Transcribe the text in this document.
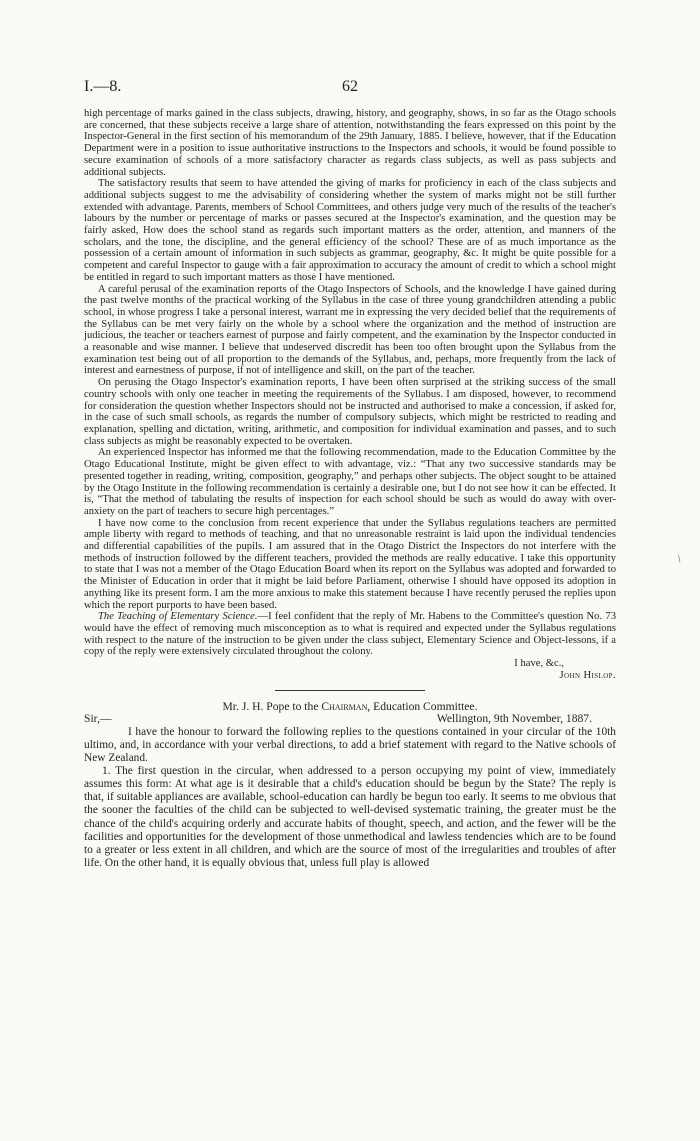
I.—8.	62

high percentage of marks gained in the class subjects, drawing, history, and geography, shows, in so far as the Otago schools are concerned, that these subjects receive a large share of attention, notwithstanding the fears expressed on this point by the Inspector-General in the first section of his memorandum of the 29th January, 1885. I believe, however, that if the Education Department were in a position to issue authoritative instructions to the Inspectors and schools, it would be found possible to secure examination of schools of a more satisfactory character as regards class subjects, as well as pass subjects and additional subjects.

The satisfactory results that seem to have attended the giving of marks for proficiency in each of the class subjects and additional subjects suggest to me the advisability of considering whether the system of marks might not be still further extended with advantage. Parents, members of School Committees, and others judge very much of the results of the teacher's labours by the number or percentage of marks or passes secured at the Inspector's examination, and the question may be fairly asked, How does the school stand as regards such important matters as the order, attention, and manners of the scholars, and the tone, the discipline, and the general efficiency of the school? These are of as much importance as the possession of a certain amount of information in such subjects as grammar, geography, &c. It might be quite possible for a competent and careful Inspector to gauge with a fair approximation to accuracy the amount of credit to which a school might be entitled in regard to such important matters as those I have mentioned.

A careful perusal of the examination reports of the Otago Inspectors of Schools, and the knowledge I have gained during the past twelve months of the practical working of the Syllabus in the case of three young grandchildren attending a public school, in whose progress I take a personal interest, warrant me in expressing the very decided belief that the requirements of the Syllabus can be met very fairly on the whole by a school where the organization and the method of instruction are judicious, the teacher or teachers earnest of purpose and fairly competent, and the examination by the Inspector conducted in a reasonable and wise manner. I believe that undeserved discredit has been too often brought upon the Syllabus from the examination test being out of all proportion to the demands of the Syllabus, and, perhaps, more frequently from the lack of interest and earnestness of purpose, if not of intelligence and skill, on the part of the teacher.

On perusing the Otago Inspector's examination reports, I have been often surprised at the striking success of the small country schools with only one teacher in meeting the requirements of the Syllabus. I am disposed, however, to recommend for consideration the question whether Inspectors should not be instructed and authorised to make a concession, if asked for, in the case of such small schools, as regards the number of compulsory subjects, which might be restricted to reading and explanation, spelling and dictation, writing, arithmetic, and composition for individual examination and passes, and to such class subjects as might be reasonably expected to be overtaken.

An experienced Inspector has informed me that the following recommendation, made to the Education Committee by the Otago Educational Institute, might be given effect to with advantage, viz.: “That any two successive standards may be presented together in reading, writing, composition, geography,” and perhaps other subjects. The object sought to be attained by the Otago Institute in the following recommendation is certainly a desirable one, but I do not see how it can be effected. It is, “That the method of tabulating the results of inspection for each school should be such as would do away with over-anxiety on the part of teachers to secure high percentages.”

I have now come to the conclusion from recent experience that under the Syllabus regulations teachers are permitted ample liberty with regard to methods of teaching, and that no unreasonable restraint is laid upon the individual tendencies and differential capabilities of the pupils. I am assured that in the Otago District the Inspectors do not interfere with the methods of instruction followed by the different teachers, provided the methods are really educative. I take this opportunity to state that I was not a member of the Otago Education Board when its report on the Syllabus was adopted and forwarded to the Minister of Education in order that it might be laid before Parliament, otherwise I should have opposed its adoption in anything like its present form. I am the more anxious to make this statement because I have recently perused the replies upon which the report purports to have been based.

The Teaching of Elementary Science.—I feel confident that the reply of Mr. Habens to the Committee's question No. 73 would have the effect of removing much misconception as to what is required and expected under the Syllabus regulations with respect to the nature of the instruction to be given under the class subject, Elementary Science and Object-lessons, if a copy of the reply were extensively circulated throughout the colony.

I have, &c.,

John Hislop.

Mr. J. H. Pope to the Chairman, Education Committee.

Sir,—	Wellington, 9th November, 1887.

I have the honour to forward the following replies to the questions contained in your circular of the 10th ultimo, and, in accordance with your verbal directions, to add a brief statement with regard to the Native schools of New Zealand.

1. The first question in the circular, when addressed to a person occupying my point of view, immediately assumes this form: At what age is it desirable that a child's education should be begun by the State? The reply is that, if suitable appliances are available, school-education can hardly be begun too early. It seems to me obvious that the sooner the faculties of the child can be subjected to well-devised systematic training, the greater must be the chance of the child's acquiring orderly and accurate habits of thought, speech, and action, and the fewer will be the facilities and opportunities for the development of those unmethodical and lawless tendencies which are to be found to a greater or less extent in all children, and which are the source of most of the irregularities and troubles of after life. On the other hand, it is equally obvious that, unless full play is allowed

/
